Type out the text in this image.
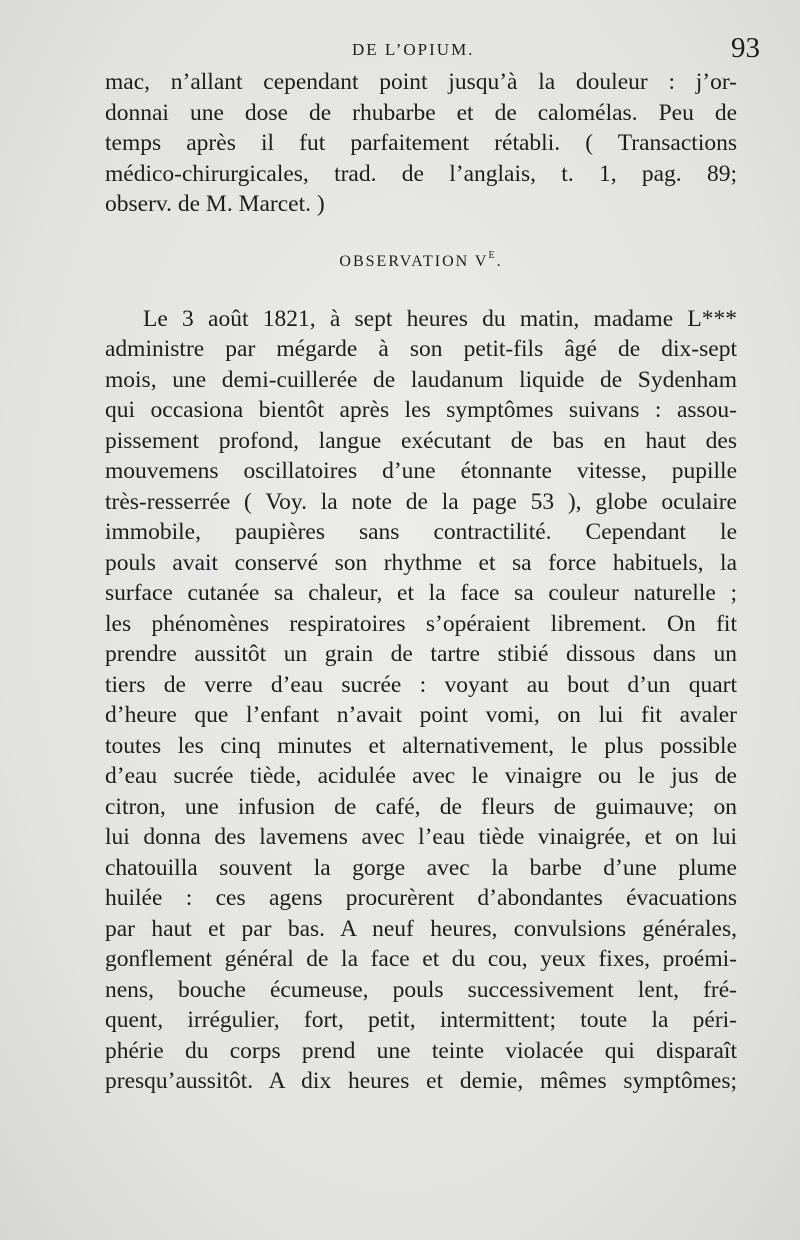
DE L’OPIUM.	93
mac, n’allant cependant point jusqu’à la douleur : j’or-
donnai une dose de rhubarbe et de calomélas. Peu de
temps après il fut parfaitement rétabli. ( Transactions
médico-chirurgicales, trad. de l’anglais, t. 1, pag. 89;
observ. de M. Marcet. )
OBSERVATION Ve.
Le 3 août 1821, à sept heures du matin, madame L***
administre par mégarde à son petit-fils âgé de dix-sept
mois, une demi-cuillerée de laudanum liquide de Sydenham
qui occasiona bientôt après les symptômes suivans : assou-
pissement profond, langue exécutant de bas en haut des
mouvemens oscillatoires d’une étonnante vitesse, pupille
très-resserrée ( Voy. la note de la page 53 ), globe oculaire
immobile, paupières sans contractilité. Cependant le
pouls avait conservé son rhythme et sa force habituels, la
surface cutanée sa chaleur, et la face sa couleur naturelle ;
les phénomènes respiratoires s’opéraient librement. On fit
prendre aussitôt un grain de tartre stibié dissous dans un
tiers de verre d’eau sucrée : voyant au bout d’un quart
d’heure que l’enfant n’avait point vomi, on lui fit avaler
toutes les cinq minutes et alternativement, le plus possible
d’eau sucrée tiède, acidulée avec le vinaigre ou le jus de
citron, une infusion de café, de fleurs de guimauve; on
lui donna des lavemens avec l’eau tiède vinaigrée, et on lui
chatouilla souvent la gorge avec la barbe d’une plume
huilée : ces agens procurèrent d’abondantes évacuations
par haut et par bas. A neuf heures, convulsions générales,
gonflement général de la face et du cou, yeux fixes, proémi-
nens, bouche écumeuse, pouls successivement lent, fré-
quent, irrégulier, fort, petit, intermittent; toute la péri-
phérie du corps prend une teinte violacée qui disparaît
presqu’aussitôt. A dix heures et demie, mêmes symptômes;
